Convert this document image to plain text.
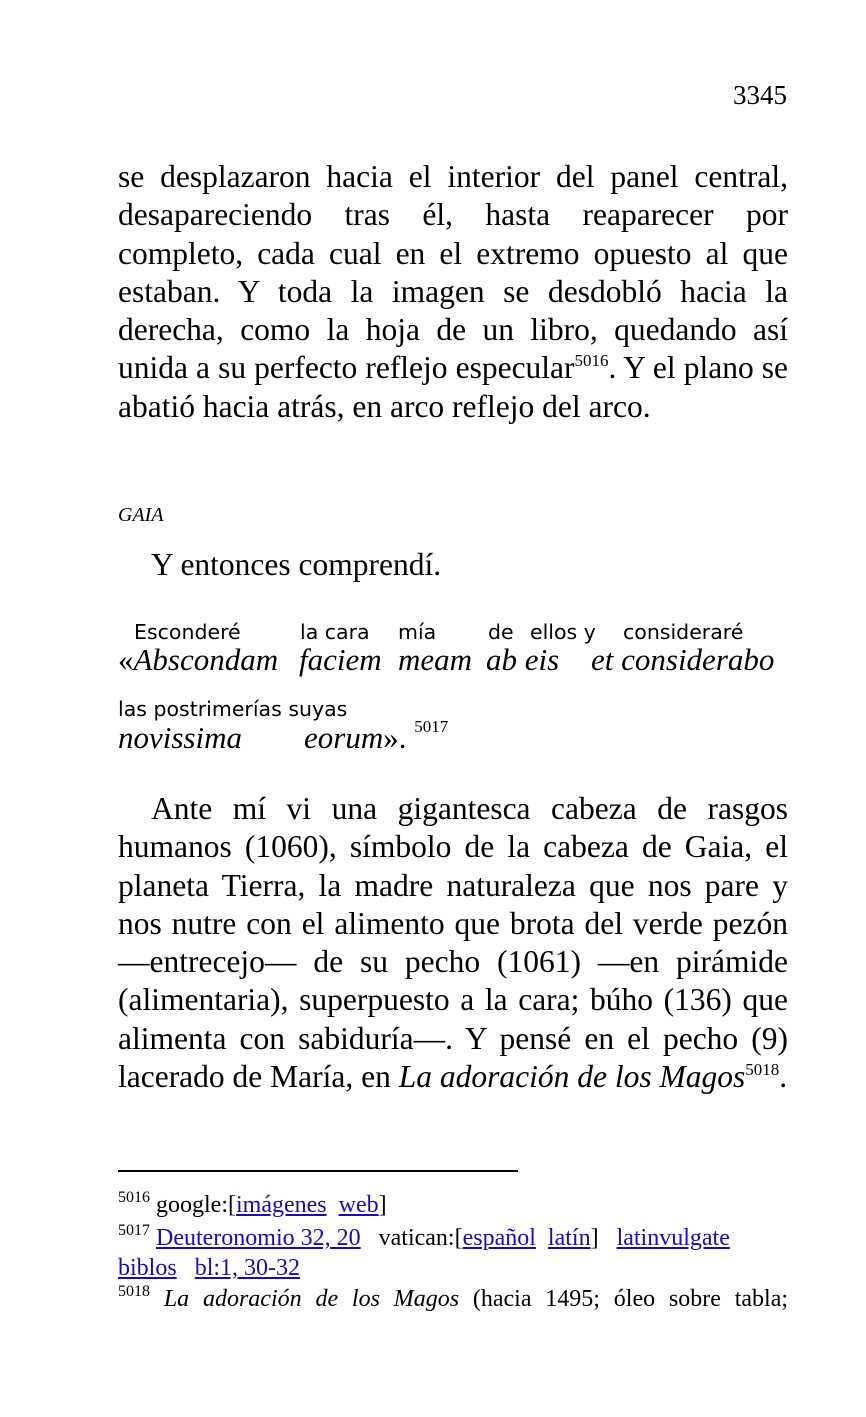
3345
se desplazaron hacia el interior del panel central, desapareciendo tras él, hasta reaparecer por completo, cada cual en el extremo opuesto al que estaban. Y toda la imagen se desdobló hacia la derecha, como la hoja de un libro, quedando así unida a su perfecto reflejo especular$^{5016}$. Y el plano se abatió hacia atrás, en arco reflejo del arco.
GAIA
Y entonces comprendí.
Esconderé	la cara mía	de ellos y consideraré
«Abscondam faciem meam ab eis et considerabo
las postrimerías suyas
novissima eorum». $^{5017}$
Ante mí vi una gigantesca cabeza de rasgos humanos (1060), símbolo de la cabeza de Gaia, el planeta Tierra, la madre naturaleza que nos pare y nos nutre con el alimento que brota del verde pezón —entrecejo— de su pecho (1061) —en pirámide (alimentaria), superpuesto a la cara; búho (136) que alimenta con sabiduría—. Y pensé en el pecho (9) lacerado de María, en La adoración de los Magos$^{5018}$.
$^{5016}$ google:[imágenes web]
$^{5017}$ Deuteronomio 32, 20 vatican:[español latín] latinvulgate
biblos bl:1, 30-32
$^{5018}$ La adoración de los Magos (hacia 1495; óleo sobre tabla;
